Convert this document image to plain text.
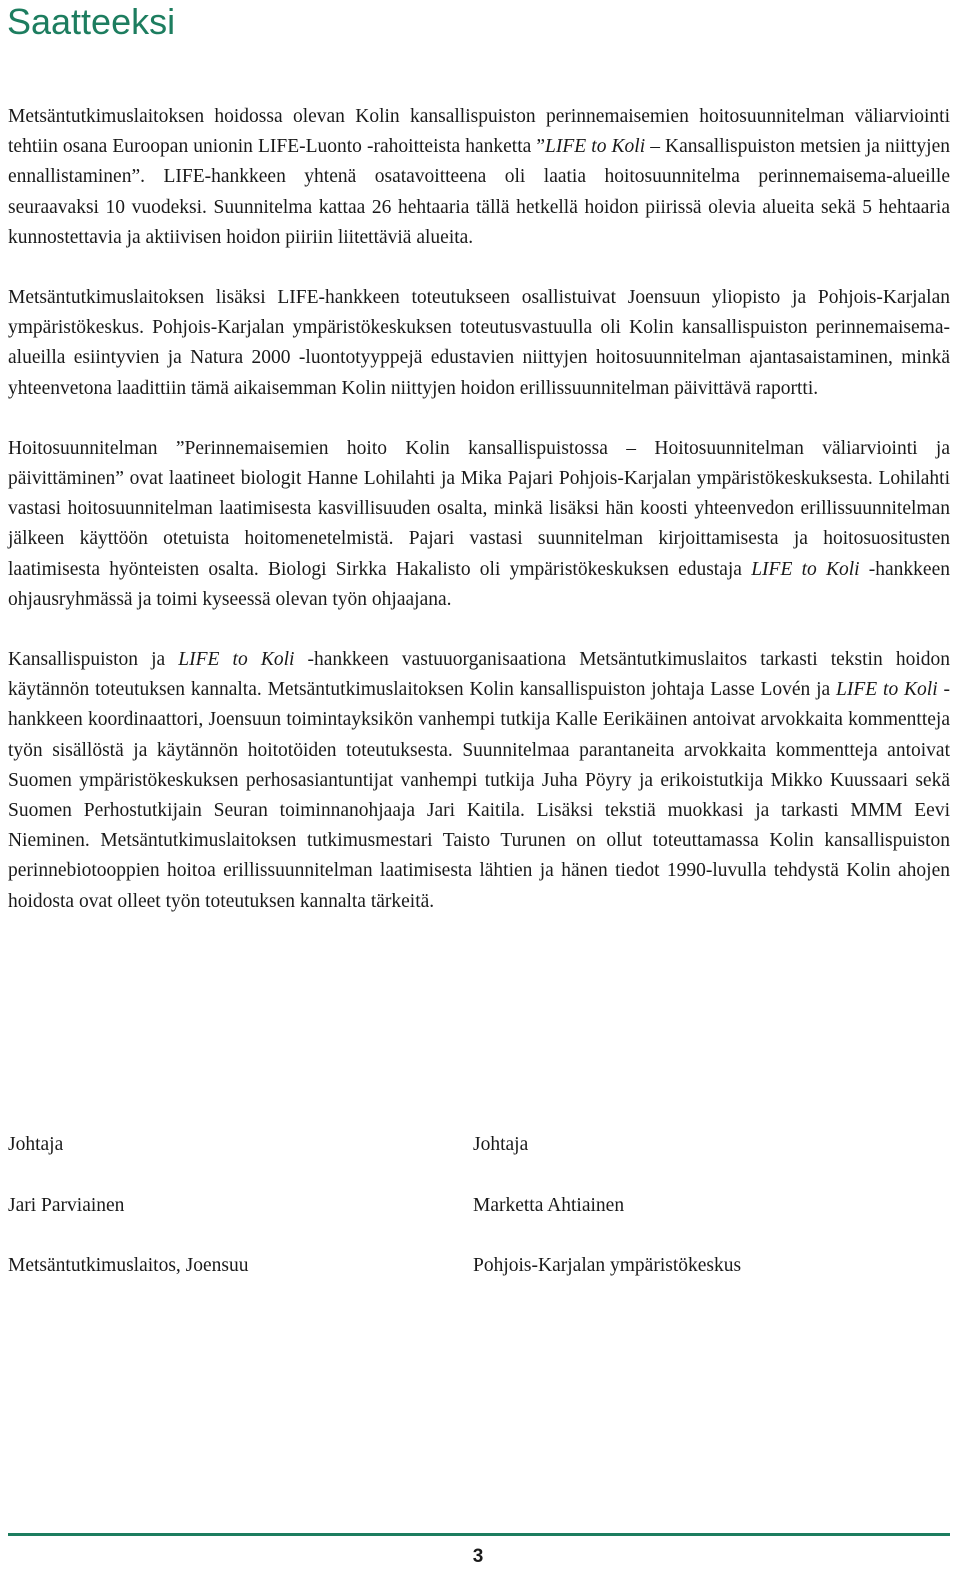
Saatteeksi

Metsäntutkimuslaitoksen hoidossa olevan Kolin kansallispuiston perinnemaisemien hoitosuunnitelman väliarviointi tehtiin osana Euroopan unionin LIFE-Luonto -rahoitteista hanketta ”LIFE to Koli – Kansallispuiston metsien ja niittyjen ennallistaminen”. LIFE-hankkeen yhtenä osatavoitteena oli laatia hoitosuunnitelma perinnemaisema-alueille seuraavaksi 10 vuodeksi. Suunnitelma kattaa 26 hehtaaria tällä hetkellä hoidon piirissä olevia alueita sekä 5 hehtaaria kunnostettavia ja aktiivisen hoidon piiriin liitettäviä alueita.

Metsäntutkimuslaitoksen lisäksi LIFE-hankkeen toteutukseen osallistuivat Joensuun yliopisto ja Pohjois-Karjalan ympäristökeskus. Pohjois-Karjalan ympäristökeskuksen toteutusvastuulla oli Kolin kansallispuiston perinnemaisema-alueilla esiintyvien ja Natura 2000 -luontotyyppejä edustavien niittyjen hoitosuunnitelman ajantasaistaminen, minkä yhteenvetona laadittiin tämä aikaisemman Kolin niittyjen hoidon erillissuunnitelman päivittävä raportti.

Hoitosuunnitelman ”Perinnemaisemien hoito Kolin kansallispuistossa – Hoitosuunnitelman väliarviointi ja päivittäminen” ovat laatineet biologit Hanne Lohilahti ja Mika Pajari Pohjois-Karjalan ympäristökeskuksesta. Lohilahti vastasi hoitosuunnitelman laatimisesta kasvillisuuden osalta, minkä lisäksi hän koosti yhteenvedon erillissuunnitelman jälkeen käyttöön otetuista hoitomenetelmistä. Pajari vastasi suunnitelman kirjoittamisesta ja hoitosuositusten laatimisesta hyönteisten osalta. Biologi Sirkka Hakalisto oli ympäristökeskuksen edustaja LIFE to Koli -hankkeen ohjausryhmässä ja toimi kyseessä olevan työn ohjaajana.

Kansallispuiston ja LIFE to Koli -hankkeen vastuuorganisaationa Metsäntutkimuslaitos tarkasti tekstin hoidon käytännön toteutuksen kannalta. Metsäntutkimuslaitoksen Kolin kansallispuiston johtaja Lasse Lovén ja LIFE to Koli -hankkeen koordinaattori, Joensuun toimintayksikön vanhempi tutkija Kalle Eerikäinen antoivat arvokkaita kommentteja työn sisällöstä ja käytännön hoitotöiden toteutuksesta. Suunnitelmaa parantaneita arvokkaita kommentteja antoivat Suomen ympäristökeskuksen perhosasiantuntijat vanhempi tutkija Juha Pöyry ja erikoistutkija Mikko Kuussaari sekä Suomen Perhostutkijain Seuran toiminnanohjaaja Jari Kaitila. Lisäksi tekstiä muokkasi ja tarkasti MMM Eevi Nieminen. Metsäntutkimuslaitoksen tutkimusmestari Taisto Turunen on ollut toteuttamassa Kolin kansallispuiston perinnebiotooppien hoitoa erillissuunnitelman laatimisesta lähtien ja hänen tiedot 1990-luvulla tehdystä Kolin ahojen hoidosta ovat olleet työn toteutuksen kannalta tärkeitä.

Johtaja
Jari Parviainen
Metsäntutkimuslaitos, Joensuu
Johtaja
Marketta Ahtiainen
Pohjois-Karjalan ympäristökeskus
3
